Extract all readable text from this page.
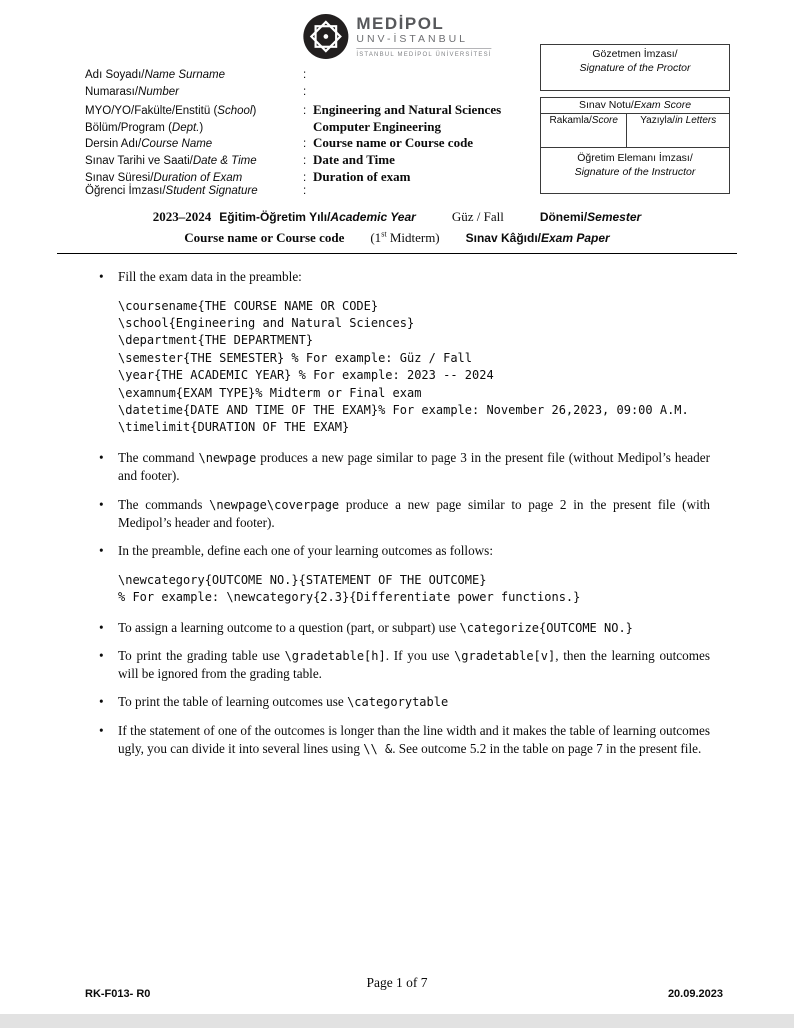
MEDİPOL
UNV-İSTANBUL
İSTANBUL MEDİPOL ÜNİVERSİTESİ
Adı Soyadı/Name Surname	:
Numarası/Number	:
MYO/YO/Fakülte/Enstitü (School)	: Engineering and Natural Sciences
Bölüm/Program (Dept.)	Computer Engineering
Dersin Adı/Course Name	: Course name or Course code
Sınav Tarihi ve Saati/Date & Time	: Date and Time
Sınav Süresi/Duration of Exam	: Duration of exam
Öğrenci İmzası/Student Signature	:
Gözetmen İmzası/
Signature of the Proctor
Sınav Notu/Exam Score
Rakamla/Score	Yazıyla/in Letters
Öğretim Elemanı İmzası/
Signature of the Instructor
2023–2024 Eğitim-Öğretim Yılı/Academic Year	Güz / Fall	Dönemi/Semester
Course name or Course code (1st Midterm) Sınav Kâğıdı/Exam Paper
• Fill the exam data in the preamble:
\coursename{THE COURSE NAME OR CODE}
\school{Engineering and Natural Sciences}
\department{THE DEPARTMENT}
\semester{THE SEMESTER} % For example: Güz / Fall
\year{THE ACADEMIC YEAR} % For example: 2023 -- 2024
\examnum{EXAM TYPE}% Midterm or Final exam
\datetime{DATE AND TIME OF THE EXAM}% For example: November 26,2023, 09:00 A.M.
\timelimit{DURATION OF THE EXAM}
• The command \newpage produces a new page similar to page 3 in the present file (without Medipol’s header and footer).
• The commands \newpage\coverpage produce a new page similar to page 2 in the present file (with Medipol’s header and footer).
• In the preamble, define each one of your learning outcomes as follows:
\newcategory{OUTCOME NO.}{STATEMENT OF THE OUTCOME}
% For example: \newcategory{2.3}{Differentiate power functions.}
• To assign a learning outcome to a question (part, or subpart) use \categorize{OUTCOME NO.}
• To print the grading table use \gradetable[h]. If you use \gradetable[v], then the learning outcomes will be ignored from the grading table.
• To print the table of learning outcomes use \categorytable
• If the statement of one of the outcomes is longer than the line width and it makes the table of learning outcomes ugly, you can divide it into several lines using \\ &. See outcome 5.2 in the table on page 7 in the present file.
Page 1 of 7
RK-F013- R0	20.09.2023
